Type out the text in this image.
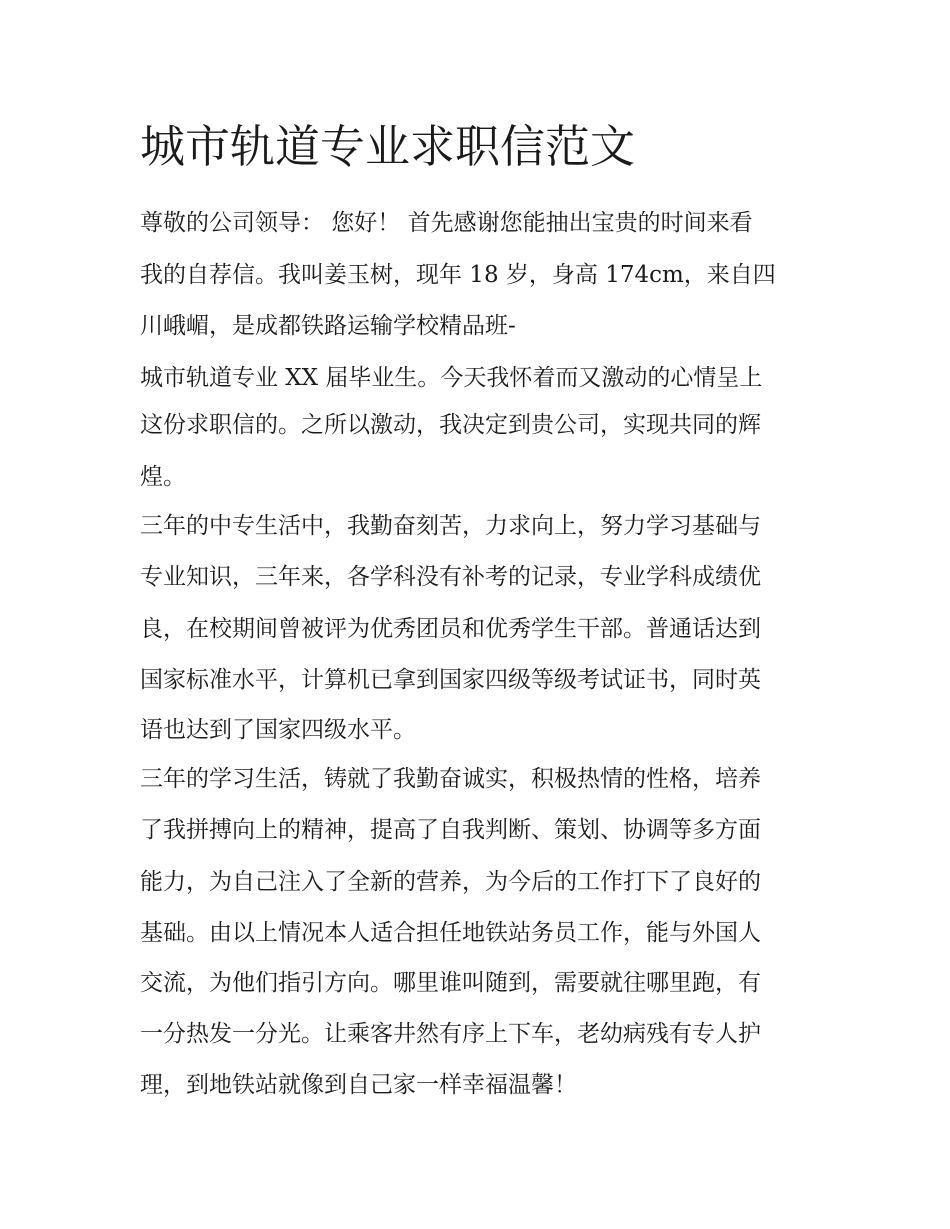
城市轨道专业求职信范文

尊敬的公司领导： 您好！ 首先感谢您能抽出宝贵的时间来看

我的自荐信。我叫姜玉树，现年 18 岁，身高 174cm，来自四

川峨嵋，是成都铁路运输学校精品班-

城市轨道专业 XX 届毕业生。今天我怀着而又激动的心情呈上

这份求职信的。之所以激动，我决定到贵公司，实现共同的辉

煌。

三年的中专生活中，我勤奋刻苦，力求向上，努力学习基础与

专业知识，三年来，各学科没有补考的记录，专业学科成绩优

良，在校期间曾被评为优秀团员和优秀学生干部。普通话达到

国家标准水平，计算机已拿到国家四级等级考试证书，同时英

语也达到了国家四级水平。

三年的学习生活，铸就了我勤奋诚实，积极热情的性格，培养

了我拼搏向上的精神，提高了自我判断、策划、协调等多方面

能力，为自己注入了全新的营养，为今后的工作打下了良好的

基础。由以上情况本人适合担任地铁站务员工作，能与外国人

交流，为他们指引方向。哪里谁叫随到，需要就往哪里跑，有

一分热发一分光。让乘客井然有序上下车，老幼病残有专人护

理，到地铁站就像到自己家一样幸福温馨！
